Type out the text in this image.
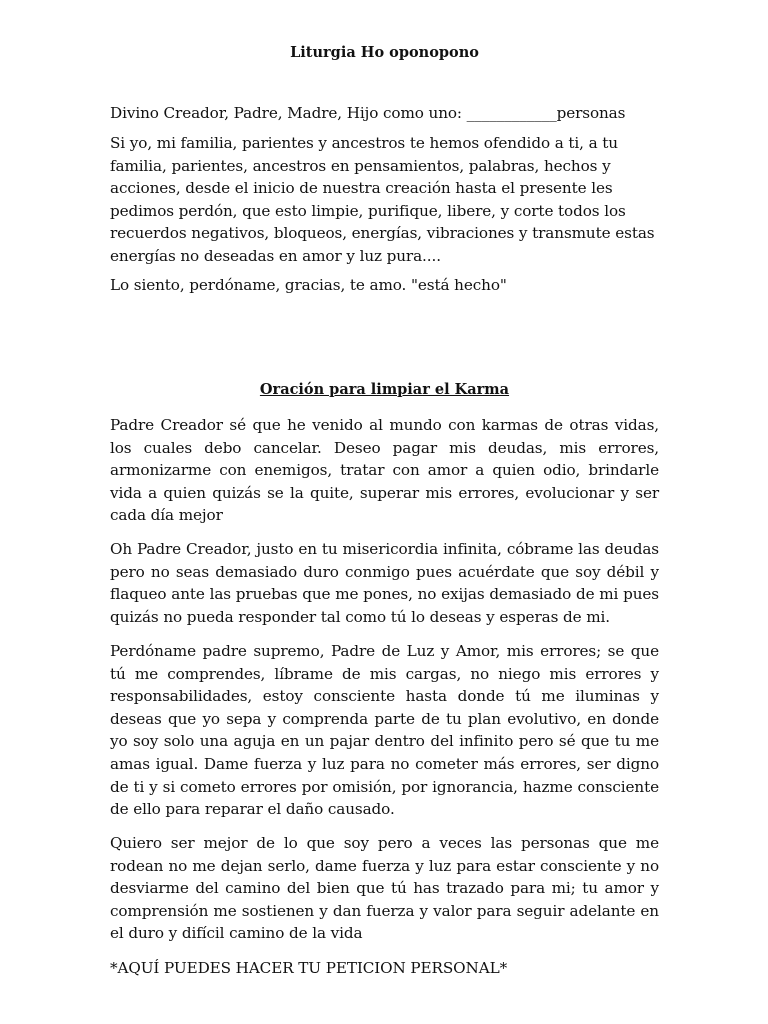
Liturgia Ho oponopono

Divino Creador, Padre, Madre, Hijo como uno: ____________personas

Si yo, mi familia, parientes y ancestros te hemos ofendido a ti, a tu familia, parientes, ancestros en pensamientos, palabras, hechos y acciones, desde el inicio de nuestra creación hasta el presente les pedimos perdón, que esto limpie, purifique, libere, y corte todos los recuerdos negativos, bloqueos, energías, vibraciones y transmute estas energías no deseadas en amor y luz pura....

Lo siento, perdóname, gracias, te amo. "está hecho"

Oración para limpiar el Karma

Padre Creador sé que he venido al mundo con karmas de otras vidas, los cuales debo cancelar. Deseo pagar mis deudas, mis errores, armonizarme con enemigos, tratar con amor a quien odio, brindarle vida a quien quizás se la quite, superar mis errores, evolucionar y ser cada día mejor

Oh Padre Creador, justo en tu misericordia infinita, cóbrame las deudas pero no seas demasiado duro conmigo pues acuérdate que soy débil y flaqueo ante las pruebas que me pones, no exijas demasiado de mi pues quizás no pueda responder tal como tú lo deseas y esperas de mi.

Perdóname padre supremo, Padre de Luz y Amor, mis errores; se que tú me comprendes, líbrame de mis cargas, no niego mis errores y responsabilidades, estoy consciente hasta donde tú me iluminas y deseas que yo sepa y comprenda parte de tu plan evolutivo, en donde yo soy solo una aguja en un pajar dentro del infinito pero sé que tu me amas igual. Dame fuerza y luz para no cometer más errores, ser digno de ti y si cometo errores por omisión, por ignorancia, hazme consciente de ello para reparar el daño causado.

Quiero ser mejor de lo que soy pero a veces las personas que me rodean no me dejan serlo, dame fuerza y luz para estar consciente y no desviarme del camino del bien que tú has trazado para mi; tu amor y comprensión me sostienen y dan fuerza y valor para seguir adelante en el duro y difícil camino de la vida

*AQUÍ PUEDES HACER TU PETICION PERSONAL*
